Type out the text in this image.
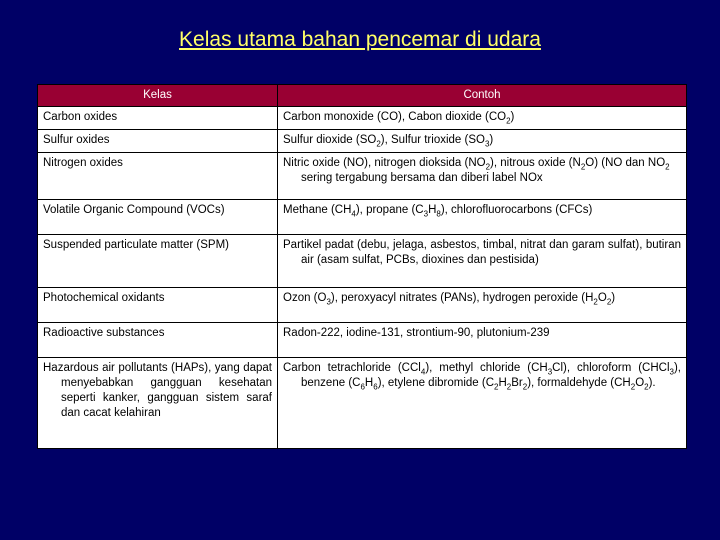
Kelas utama bahan pencemar di udara
Kelas	Contoh
Carbon oxides	Carbon monoxide (CO), Cabon dioxide $(CO_2)$
Sulfur oxides	Sulfur dioxide $(SO_2)$, Sulfur trioxide $(SO_3)$
Nitrogen oxides	Nitric oxide (NO), nitrogen dioksida $(NO_2)$, nitrous oxide $(N_2O)$ (NO dan $NO_2$ sering tergabung bersama dan diberi label NOx
Volatile Organic Compound (VOCs)	Methane $(CH_4)$, propane $(C_3H_8)$, chlorofluorocarbons (CFCs)
Suspended particulate matter (SPM)	Partikel padat (debu, jelaga, asbestos, timbal, nitrat dan garam sulfat), butiran air (asam sulfat, PCBs, dioxines dan pestisida)
Photochemical oxidants	Ozon $(O_3)$, peroxyacyl nitrates (PANs), hydrogen peroxide $(H_2O_2)$
Radioactive substances	Radon-222, iodine-131, strontium-90, plutonium-239
Hazardous air pollutants (HAPs), yang dapat menyebabkan gangguan kesehatan seperti kanker, gangguan sistem saraf dan cacat kelahiran	Carbon tetrachloride (CCl$_4$), methyl chloride $(CH_3Cl)$, chloroform (CHCl$_3$), benzene $(C_6H_6)$, etylene dibromide $(C_2H_2Br_2)$, formaldehyde $(CH_2O_2)$.
